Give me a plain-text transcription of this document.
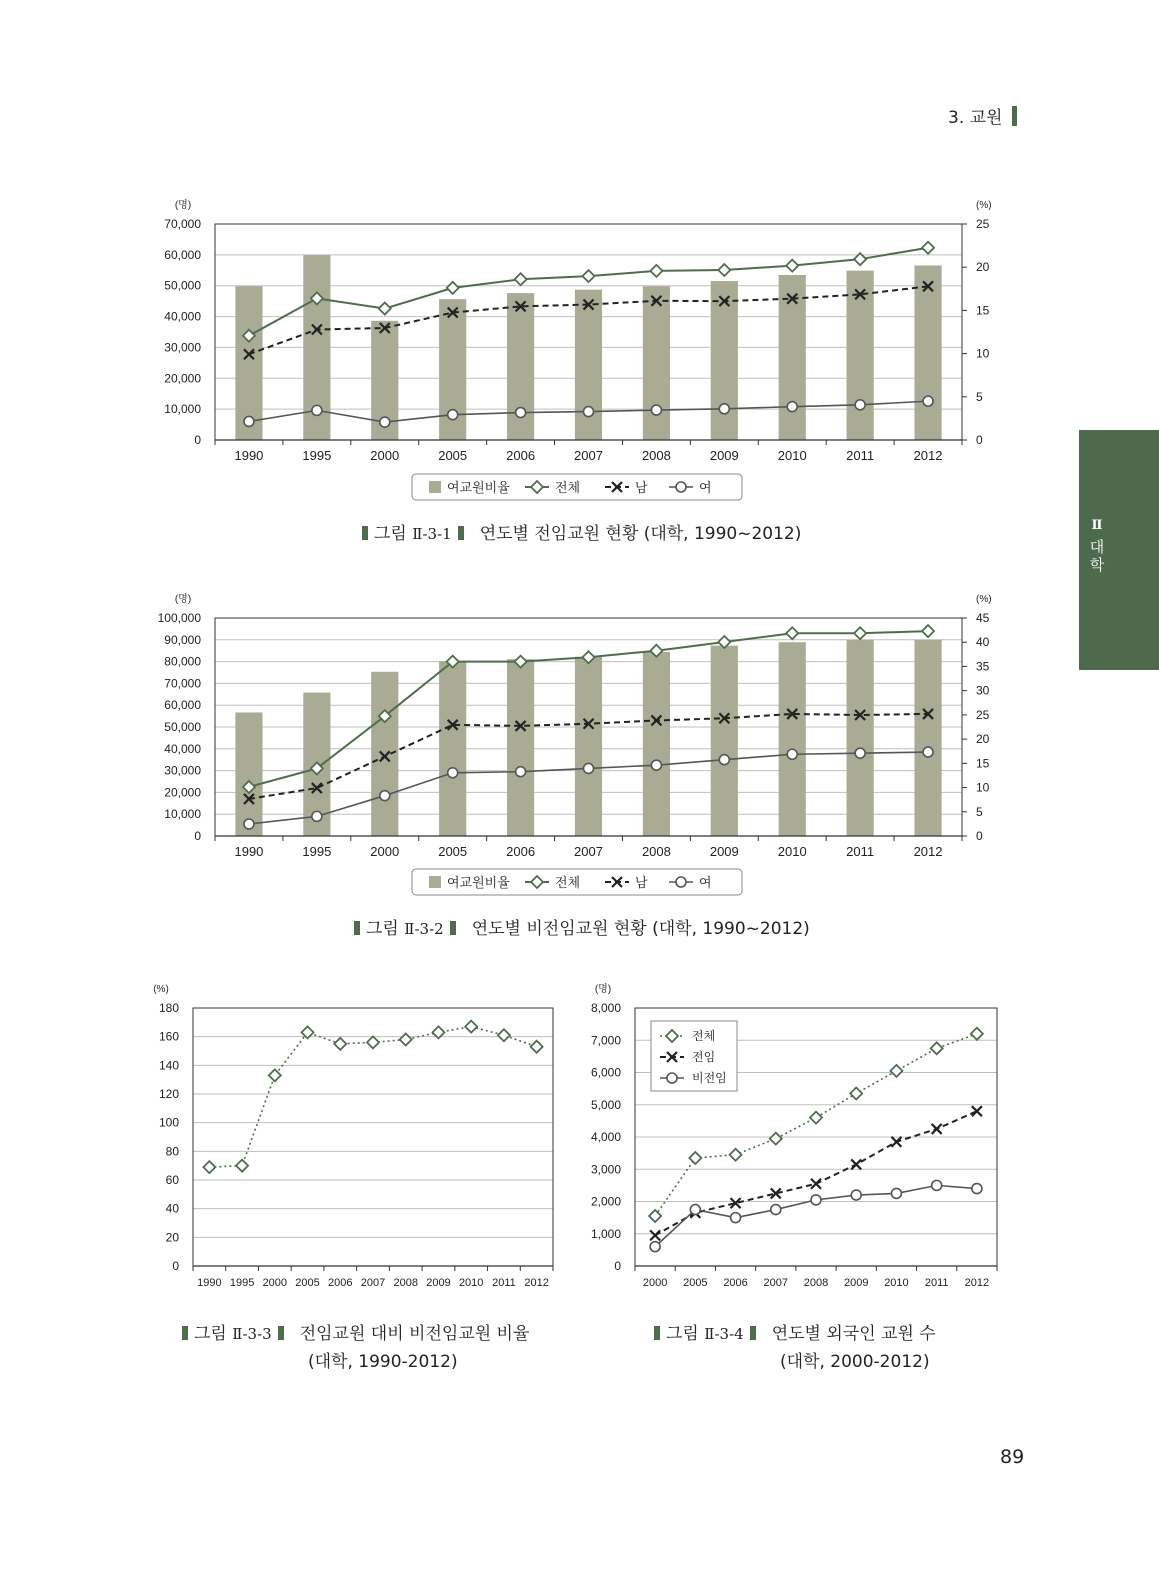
3. 교원
Ⅱ
대
학
0
10,000
20,000
30,000
40,000
50,000
60,000
70,000
0
5
10
15
20
25
(%)
(명)
1990	1995	2000	2005	2006	2007	2008	2009	2010	2011	2012
여교원비율	전체	남	여
0
10,000
20,000
30,000
40,000
50,000
60,000
70,000
80,000
90,000
100,000
0
5
10
15
20
25
30
35
40
45
(%)
(명)
1990	1995	2000	2005	2006	2007	2008	2009	2010	2011	2012
여교원비율	전체	남	여
0
20
40
60
80
100
120
140
160
180
(%)
1990 1995 2000 2005 2006 2007 2008 2009 2010 2011 2012
0
1,000
2,000
3,000
4,000
5,000
6,000
7,000
8,000
(명)
2000 2005 2006 2007 2008 2009 2010 2011 2012
전체
전임
비전임
그림 Ⅱ-3-1 연도별 전임교원 현황 (대학, 1990~2012)
그림 Ⅱ-3-2 연도별 비전임교원 현황 (대학, 1990~2012)
그림 Ⅱ-3-3 전임교원 대비 비전임교원 비율
(대학, 1990-2012)
그림 Ⅱ-3-4 연도별 외국인 교원 수
(대학, 2000-2012)
89
